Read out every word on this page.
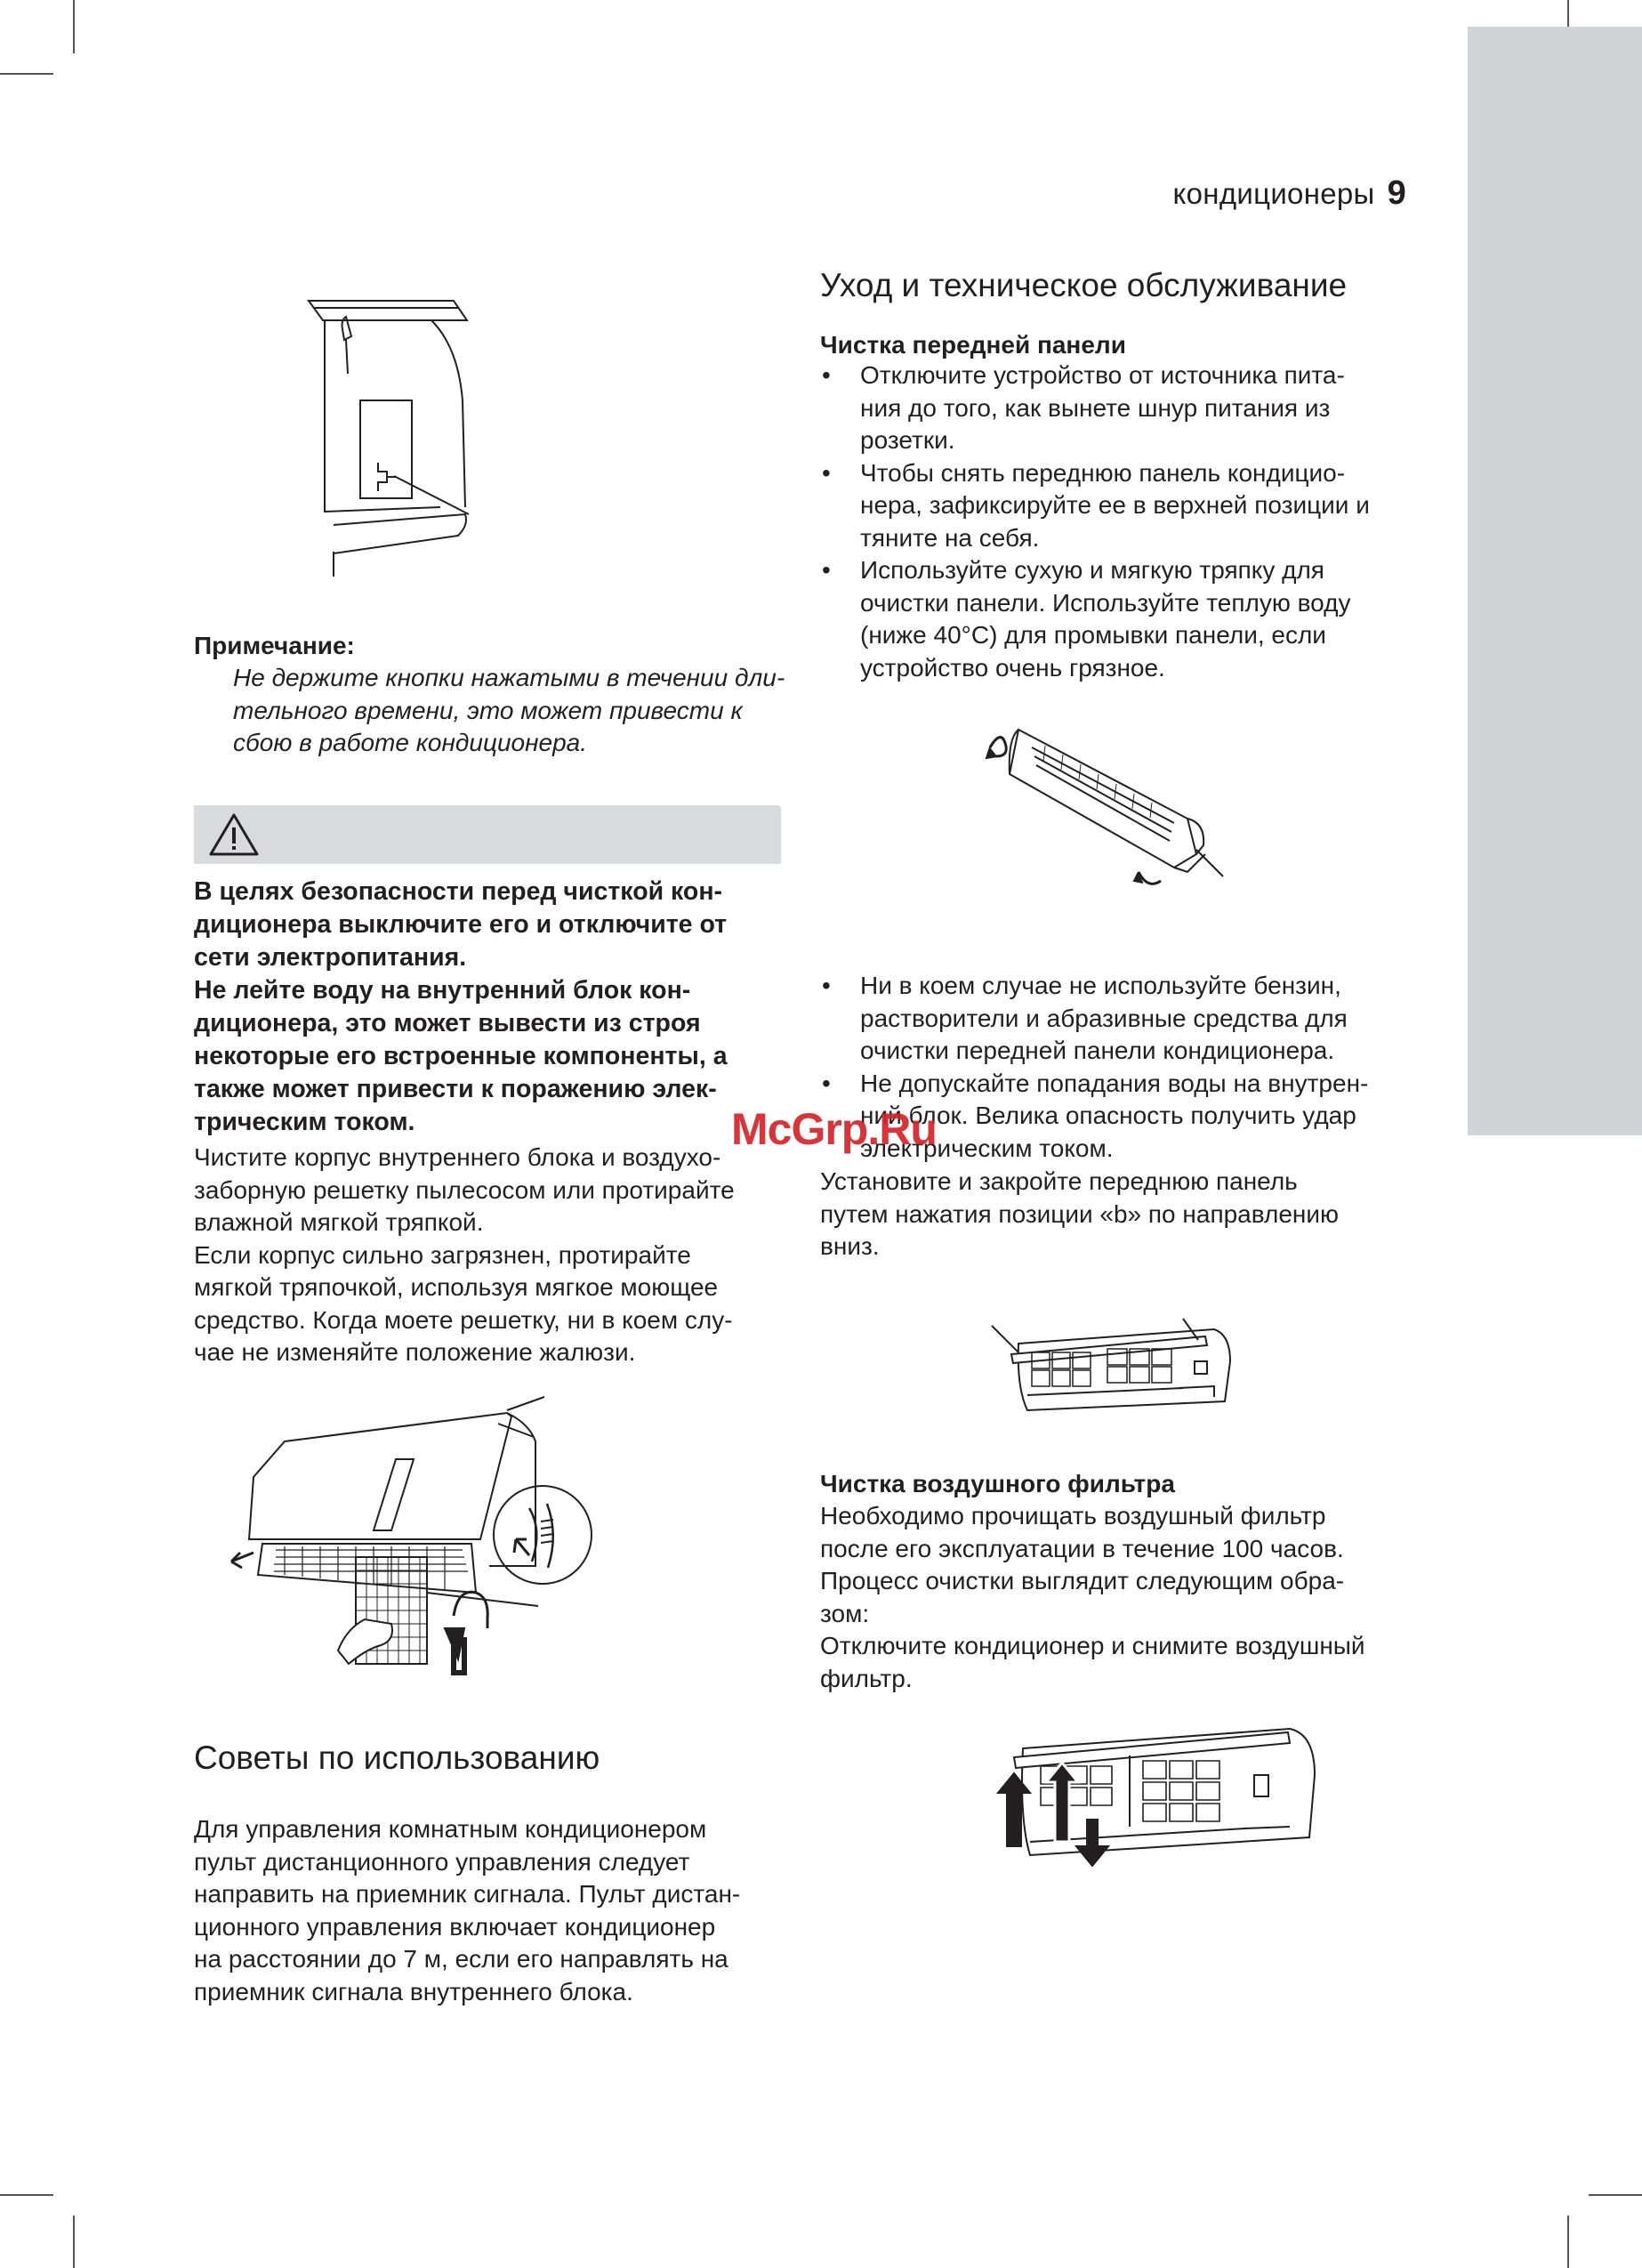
кондиционеры 9
Примечание:
Не держите кнопки нажатыми в течении дли-
тельного времени, это может привести к
сбою в работе кондиционера.
В целях безопасности перед чисткой кон-
диционера выключите его и отключите от
сети электропитания.
Не лейте воду на внутренний блок кон-
диционера, это может вывести из строя
некоторые его встроенные компоненты, а
также может привести к поражению элек-
трическим током.
Чистите корпус внутреннего блока и воздухо-
заборную решетку пылесосом или протирайте
влажной мягкой тряпкой.
Если корпус сильно загрязнен, протирайте
мягкой тряпочкой, используя мягкое моющее
средство. Когда моете решетку, ни в коем слу-
чае не изменяйте положение жалюзи.
Советы по использованию
Для управления комнатным кондиционером
пульт дистанционного управления следует
направить на приемник сигнала. Пульт дистан-
ционного управления включает кондиционер
на расстоянии до 7 м, если его направлять на
приемник сигнала внутреннего блока.
Уход и техническое обслуживание
Чистка передней панели
• Отключите устройство от источника пита-
ния до того, как вынете шнур питания из
розетки.
• Чтобы снять переднюю панель кондицио-
нера, зафиксируйте ее в верхней позиции и
тяните на себя.
• Используйте сухую и мягкую тряпку для
очистки панели. Используйте теплую воду
(ниже 40°C) для промывки панели, если
устройство очень грязное.
• Ни в коем случае не используйте бензин,
растворители и абразивные средства для
очистки передней панели кондиционера.
• Не допускайте попадания воды на внутрен-
ний блок. Велика опасность получить удар
электрическим током.
Установите и закройте переднюю панель
путем нажатия позиции «b» по направлению
вниз.
McGrp.Ru
Чистка воздушного фильтра
Необходимо прочищать воздушный фильтр
после его эксплуатации в течение 100 часов.
Процесс очистки выглядит следующим обра-
зом:
Отключите кондиционер и снимите воздушный
фильтр.
